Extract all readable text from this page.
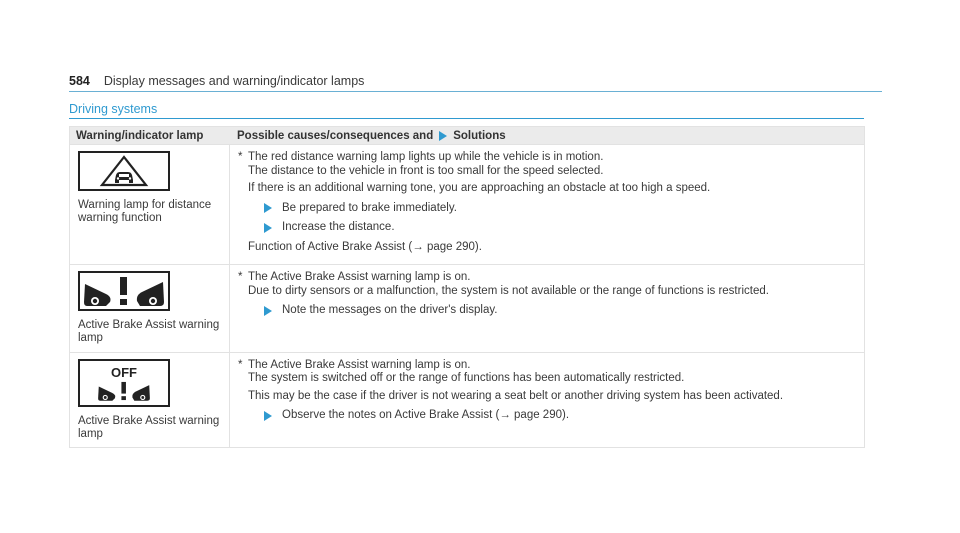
584 Display messages and warning/indicator lamps
Driving systems
Warning/indicator lamp	Possible causes/consequences and Solutions
Warning lamp for distance warning function
* The red distance warning lamp lights up while the vehicle is in motion.
The distance to the vehicle in front is too small for the speed selected.
If there is an additional warning tone, you are approaching an obstacle at too high a speed.
Be prepared to brake immediately.
Increase the distance.
Function of Active Brake Assist (→ page 290).
Active Brake Assist warning lamp
* The Active Brake Assist warning lamp is on.
Due to dirty sensors or a malfunction, the system is not available or the range of functions is restricted.
Note the messages on the driver's display.
OFF
Active Brake Assist warning lamp
* The Active Brake Assist warning lamp is on.
The system is switched off or the range of functions has been automatically restricted.
This may be the case if the driver is not wearing a seat belt or another driving system has been activated.
Observe the notes on Active Brake Assist (→ page 290).
